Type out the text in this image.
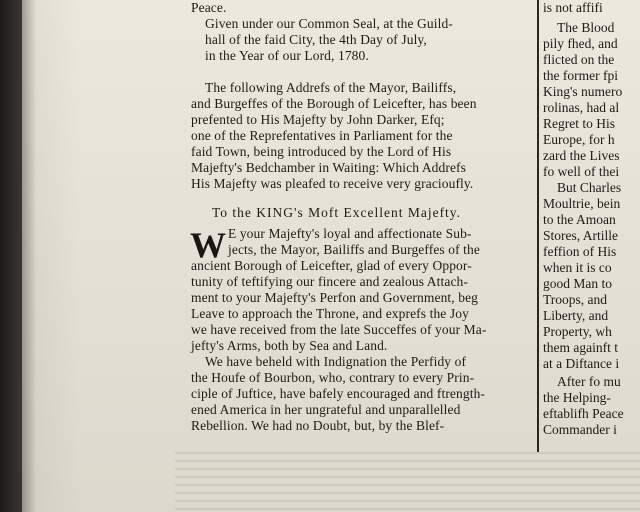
W
Peace.
Given under our Common Seal, at the Guild-
hall of the faid City, the 4th Day of July,
in the Year of our Lord, 1780.
The following Addrefs of the Mayor, Bailiffs,
and Burgeffes of the Borough of Leicefter, has been
prefented to His Majefty by John Darker, Efq;
one of the Reprefentatives in Parliament for the
faid Town, being introduced by the Lord of His
Majefty's Bedchamber in Waiting: Which Addrefs
His Majefty was pleafed to receive very gracioufly.
To the KING's Moft Excellent Majefty.
E your Majefty's loyal and affectionate Sub-
jects, the Mayor, Bailiffs and Burgeffes of the
ancient Borough of Leicefter, glad of every Oppor-
tunity of teftifying our fincere and zealous Attach-
ment to your Majefty's Perfon and Government, beg
Leave to approach the Throne, and exprefs the Joy
we have received from the late Succeffes of your Ma-
jefty's Arms, both by Sea and Land.
We have beheld with Indignation the Perfidy of
the Houfe of Bourbon, who, contrary to every Prin-
ciple of Juftice, have bafely encouraged and ftrength-
ened America in her ungrateful and unparallelled
Rebellion. We had no Doubt, but, by the Blef-
is not affifi
The Blood
pily fhed, and
flicted on the
the former fpi
King's numero
rolinas, had al
Regret to His
Europe, for h
zard the Lives
fo well of thei
But Charles
Moultrie, bein
to the Amoan
Stores, Artille
feffion of His
when it is co
good Man to
Troops, and
Liberty, and
Property, wh
them againft t
at a Diftance i
After fo mu
the Helping-
eftablifh Peace
Commander i
